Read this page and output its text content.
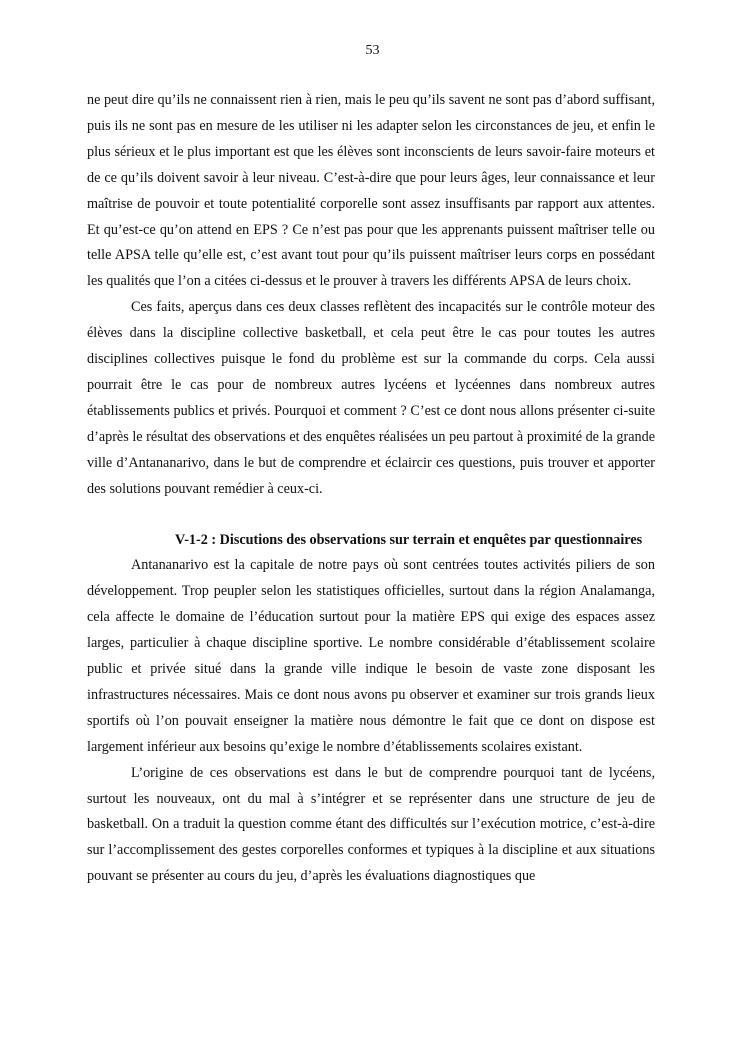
53

ne peut dire qu’ils ne connaissent rien à rien, mais le peu qu’ils savent ne sont pas d’abord suffisant, puis ils ne sont pas en mesure de les utiliser ni les adapter selon les circonstances de jeu, et enfin le plus sérieux et le plus important est que les élèves sont inconscients de leurs savoir-faire moteurs et de ce qu’ils doivent savoir à leur niveau. C’est-à-dire que pour leurs âges, leur connaissance et leur maîtrise de pouvoir et toute potentialité corporelle sont assez insuffisants par rapport aux attentes. Et qu’est-ce qu’on attend en EPS ? Ce n’est pas pour que les apprenants puissent maîtriser telle ou telle APSA telle qu’elle est, c’est avant tout pour qu’ils puissent maîtriser leurs corps en possédant les qualités que l’on a citées ci-dessus et le prouver à travers les différents APSA de leurs choix.

Ces faits, aperçus dans ces deux classes reflètent des incapacités sur le contrôle moteur des élèves dans la discipline collective basketball, et cela peut être le cas pour toutes les autres disciplines collectives puisque le fond du problème est sur la commande du corps. Cela aussi pourrait être le cas pour de nombreux autres lycéens et lycéennes dans nombreux autres établissements publics et privés. Pourquoi et comment ? C’est ce dont nous allons présenter ci-suite d’après le résultat des observations et des enquêtes réalisées un peu partout à proximité de la grande ville d’Antananarivo, dans le but de comprendre et éclaircir ces questions, puis trouver et apporter des solutions pouvant remédier à ceux-ci.

V-1-2 : Discutions des observations sur terrain et enquêtes par questionnaires

Antananarivo est la capitale de notre pays où sont centrées toutes activités piliers de son développement. Trop peupler selon les statistiques officielles, surtout dans la région Analamanga, cela affecte le domaine de l’éducation surtout pour la matière EPS qui exige des espaces assez larges, particulier à chaque discipline sportive. Le nombre considérable d’établissement scolaire public et privée situé dans la grande ville indique le besoin de vaste zone disposant les infrastructures nécessaires. Mais ce dont nous avons pu observer et examiner sur trois grands lieux sportifs où l’on pouvait enseigner la matière nous démontre le fait que ce dont on dispose est largement inférieur aux besoins qu’exige le nombre d’établissements scolaires existant.

L’origine de ces observations est dans le but de comprendre pourquoi tant de lycéens, surtout les nouveaux, ont du mal à s’intégrer et se représenter dans une structure de jeu de basketball. On a traduit la question comme étant des difficultés sur l’exécution motrice, c’est-à-dire sur l’accomplissement des gestes corporelles conformes et typiques à la discipline et aux situations pouvant se présenter au cours du jeu, d’après les évaluations diagnostiques que
